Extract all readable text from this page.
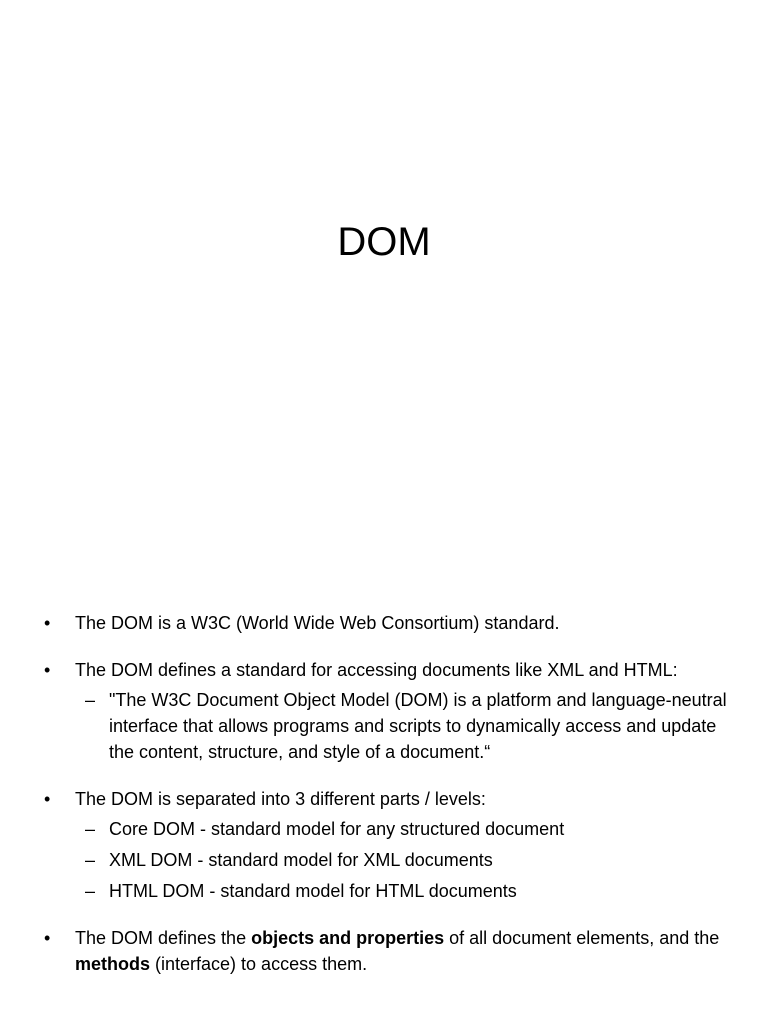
DOM
•	The DOM is a W3C (World Wide Web Consortium) standard.
•	The DOM defines a standard for accessing documents like XML and HTML:
– "The W3C Document Object Model (DOM) is a platform and language-neutral interface that allows programs and scripts to dynamically access and update the content, structure, and style of a document.“
•	The DOM is separated into 3 different parts / levels:
– Core DOM - standard model for any structured document
– XML DOM - standard model for XML documents
– HTML DOM - standard model for HTML documents
•	The DOM defines the objects and properties of all document elements, and the methods (interface) to access them.
